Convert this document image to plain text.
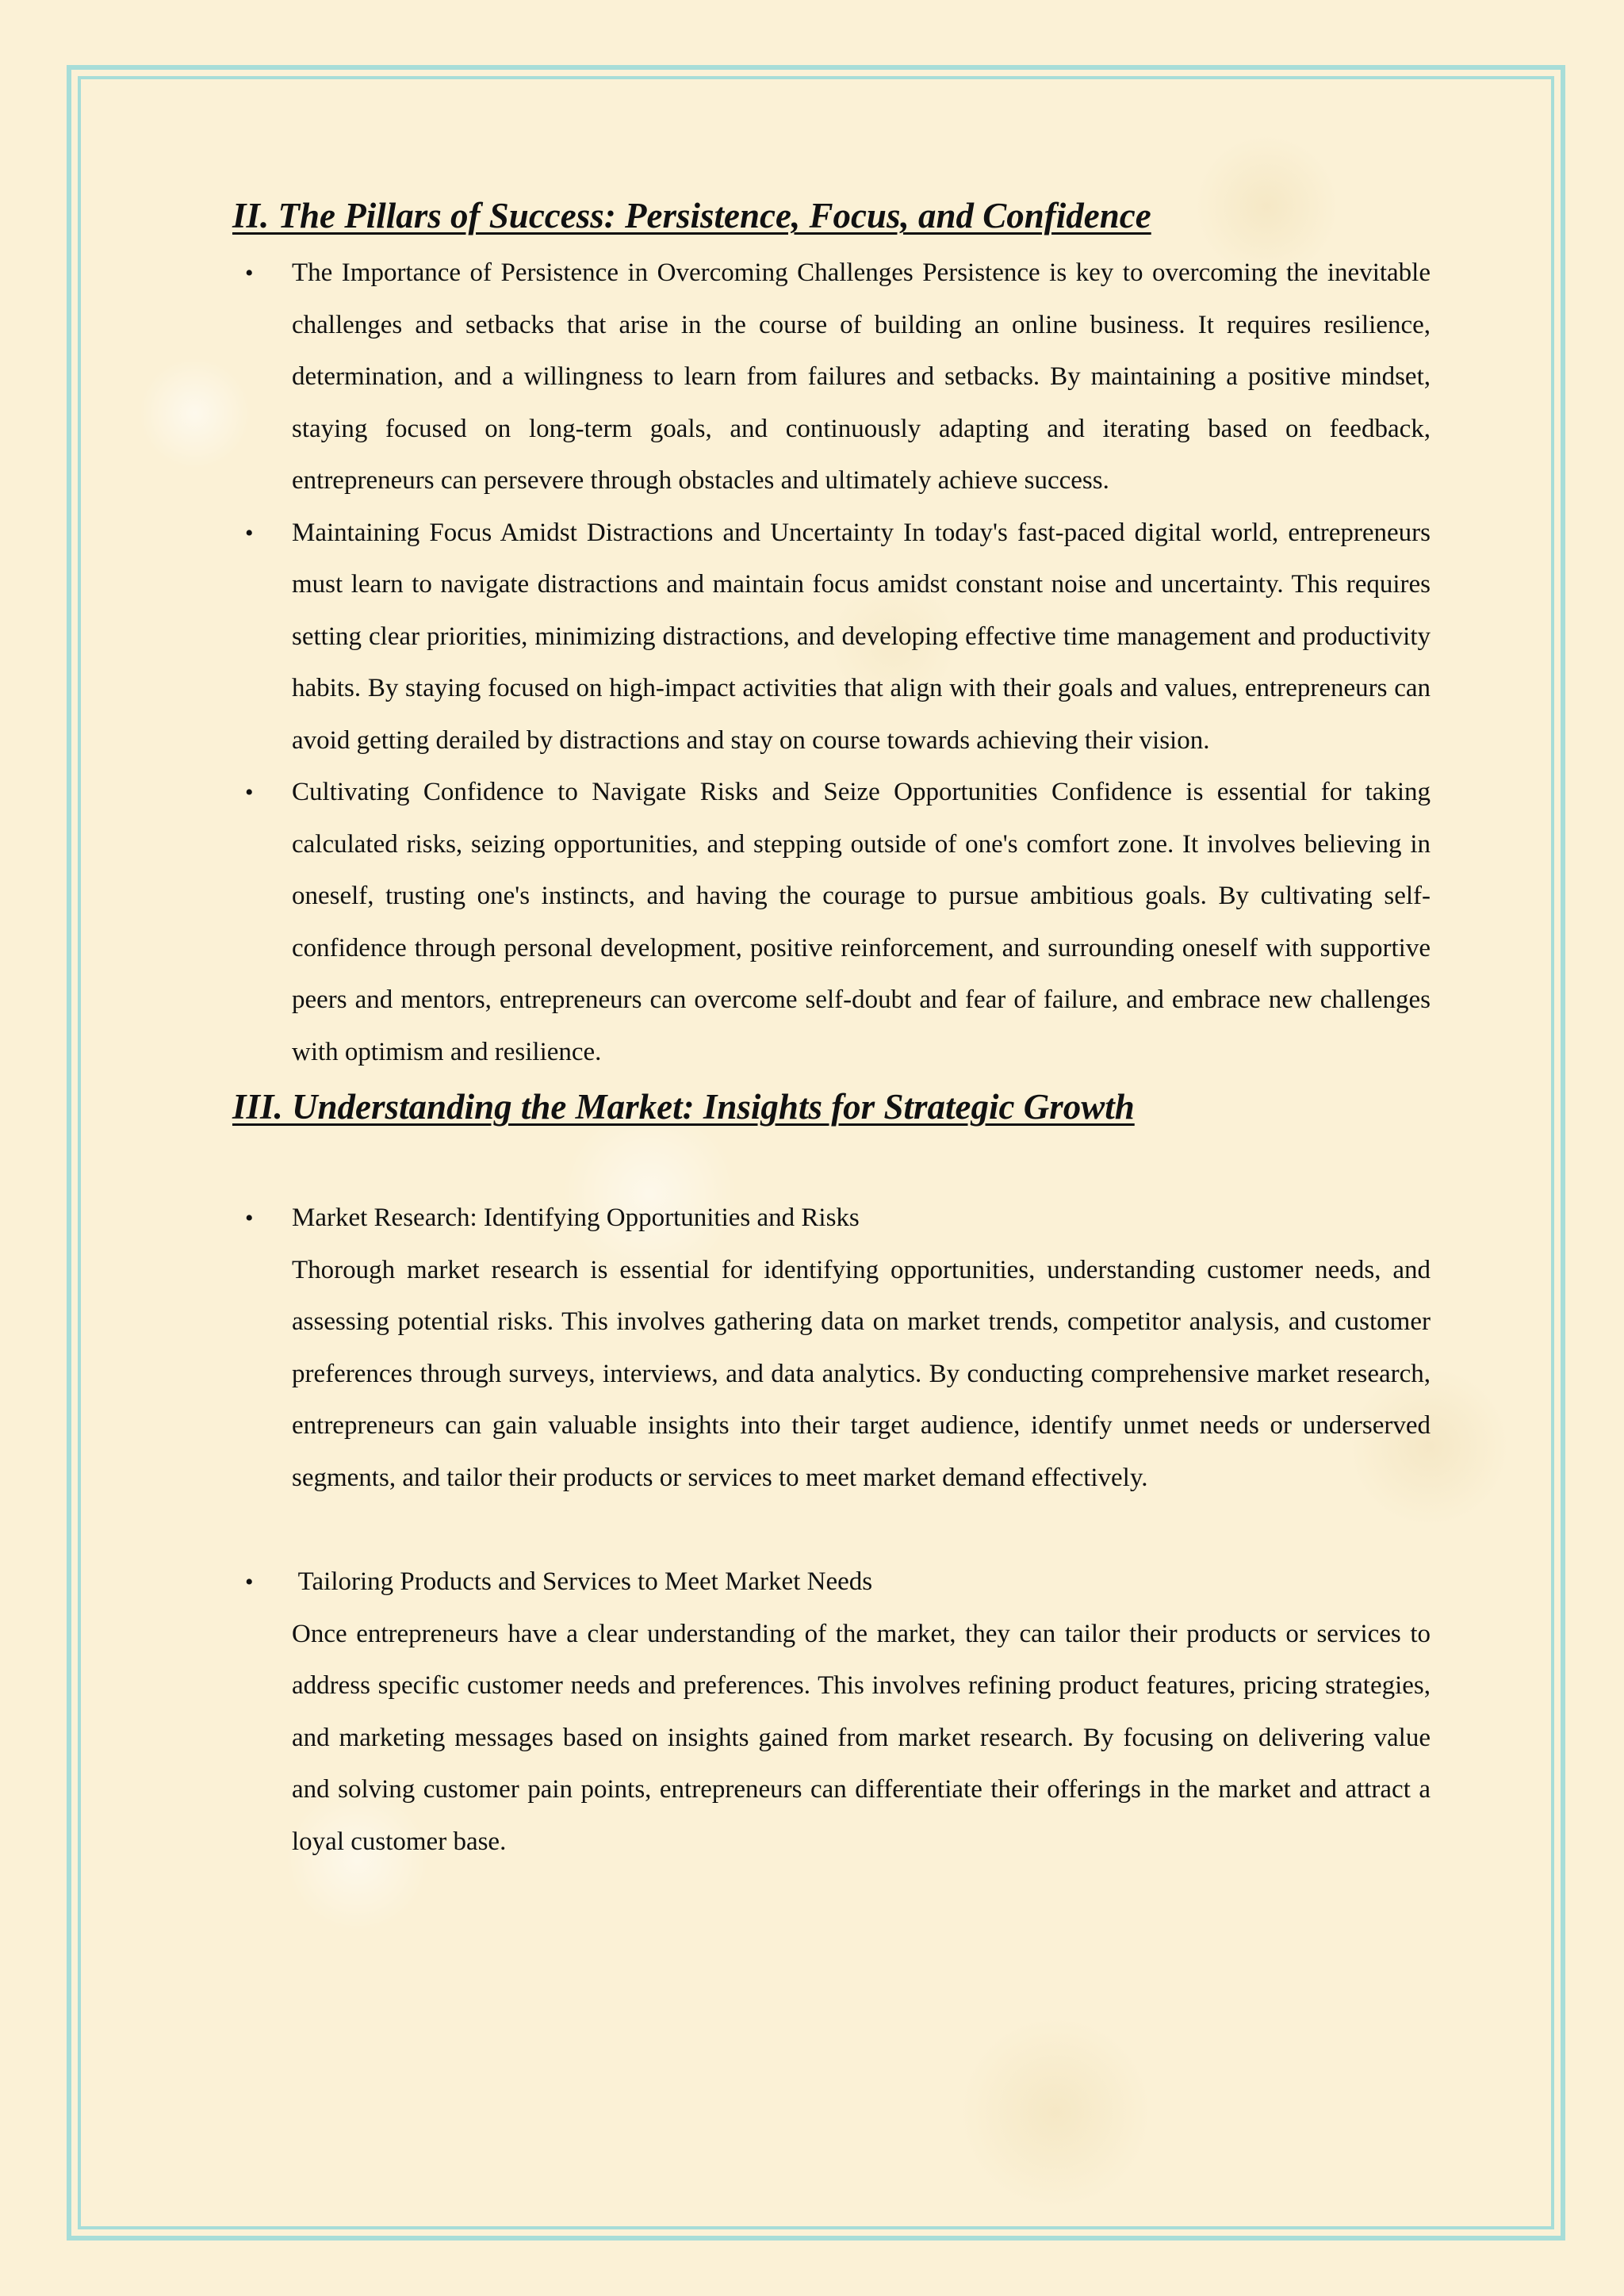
II. The Pillars of Success: Persistence, Focus, and Confidence
• The Importance of Persistence in Overcoming Challenges Persistence is key to overcoming the inevitable challenges and setbacks that arise in the course of building an online business. It requires resilience, determination, and a willingness to learn from failures and setbacks. By maintaining a positive mindset, staying focused on long-term goals, and continuously adapting and iterating based on feedback, entrepreneurs can persevere through obstacles and ultimately achieve success.
• Maintaining Focus Amidst Distractions and Uncertainty In today's fast-paced digital world, entrepreneurs must learn to navigate distractions and maintain focus amidst constant noise and uncertainty. This requires setting clear priorities, minimizing distractions, and developing effective time management and productivity habits. By staying focused on high-impact activities that align with their goals and values, entrepreneurs can avoid getting derailed by distractions and stay on course towards achieving their vision.
• Cultivating Confidence to Navigate Risks and Seize Opportunities Confidence is essential for taking calculated risks, seizing opportunities, and stepping outside of one's comfort zone. It involves believing in oneself, trusting one's instincts, and having the courage to pursue ambitious goals. By cultivating self-confidence through personal development, positive reinforcement, and surrounding oneself with supportive peers and mentors, entrepreneurs can overcome self-doubt and fear of failure, and embrace new challenges with optimism and resilience.
III. Understanding the Market: Insights for Strategic Growth
• Market Research: Identifying Opportunities and Risks
Thorough market research is essential for identifying opportunities, understanding customer needs, and assessing potential risks. This involves gathering data on market trends, competitor analysis, and customer preferences through surveys, interviews, and data analytics. By conducting comprehensive market research, entrepreneurs can gain valuable insights into their target audience, identify unmet needs or underserved segments, and tailor their products or services to meet market demand effectively.
• Tailoring Products and Services to Meet Market Needs
Once entrepreneurs have a clear understanding of the market, they can tailor their products or services to address specific customer needs and preferences. This involves refining product features, pricing strategies, and marketing messages based on insights gained from market research. By focusing on delivering value and solving customer pain points, entrepreneurs can differentiate their offerings in the market and attract a loyal customer base.
